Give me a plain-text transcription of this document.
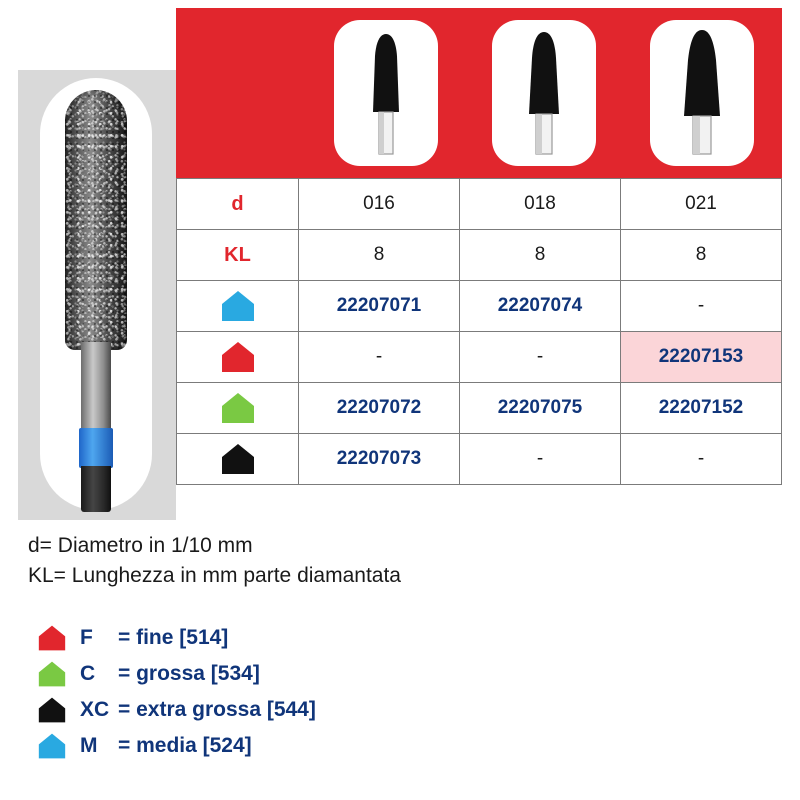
d	016	018	021
KL	8	8	8

	22207071	22207074	-

	-	-	22207153

	22207072	22207075	22207152

	22207073	-	-

d= Diametro in 1/10 mm

KL= Lunghezza in mm parte diamantata

F	= fine [514]
C	= grossa [534]
XC = extra grossa [544]
M = media [524]
